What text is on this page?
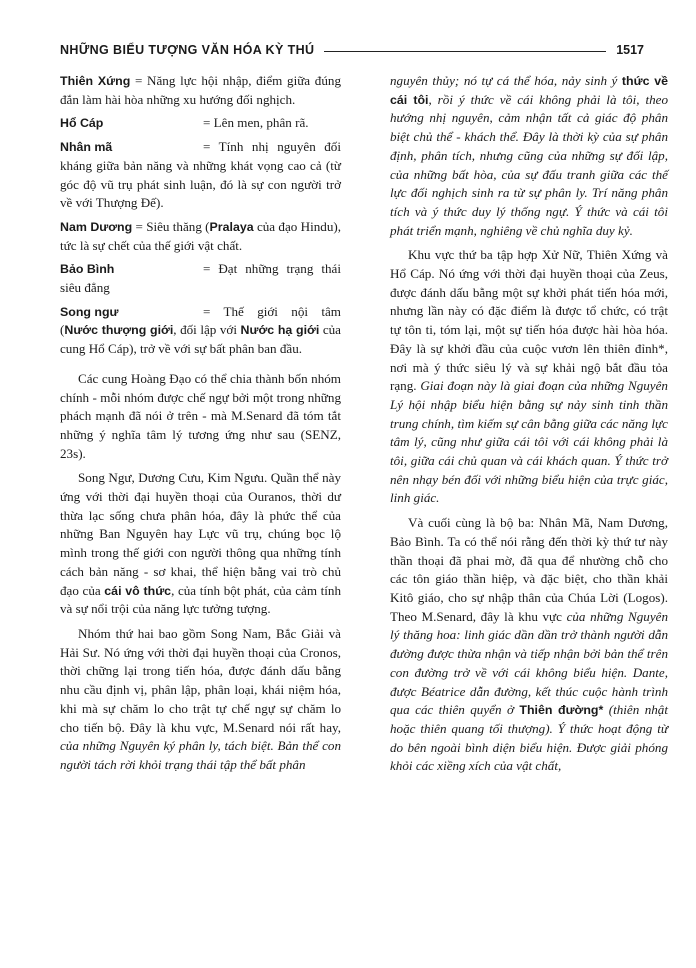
NHỮNG BIỂU TƯỢNG VĂN HÓA KỲ THÚ	1517

Thiên Xứng = Năng lực hội nhập, điểm giữa đúng đắn làm hài hòa những xu hướng đối nghịch.

Hổ Cáp	= Lên men, phân rã.

Nhân mã	= Tính nhị nguyên đối kháng giữa bản năng và những khát vọng cao cả (từ góc độ vũ trụ phát sinh luận, đó là sự con người trở về với Thượng Đế).

Nam Dương = Siêu thăng (Pralaya của đạo Hindu), tức là sự chết của thế giới vật chất.

Bảo Bình	= Đạt những trạng thái siêu đẳng

Song ngư	= Thế giới nội tâm (Nước thượng giới, đối lập với Nước hạ giới của cung Hổ Cáp), trở về với sự bất phân ban đầu.

Các cung Hoàng Đạo có thể chia thành bốn nhóm chính - mỗi nhóm được chế ngự bởi một trong những phách mạnh đã nói ở trên - mà M.Senard đã tóm tắt những ý nghĩa tâm lý tương ứng như sau (SENZ, 23s).

Song Ngư, Dương Cưu, Kim Ngưu. Quần thể này ứng với thời đại huyền thoại của Ouranos, thời dư thừa lạc sống chưa phân hóa, đây là phức thể của những Ban Nguyên hay Lực vũ trụ, chúng bọc lộ mình trong thế giới con người thông qua những tính cách bản năng - sơ khai, thể hiện bằng vai trò chủ đạo của cái vô thức, của tính bột phát, của cảm tính và sự nổi trội của năng lực tưởng tượng.

Nhóm thứ hai bao gồm Song Nam, Bắc Giải và Hải Sư. Nó ứng với thời đại huyền thoại của Cronos, thời chững lại trong tiến hóa, được đánh dấu bằng nhu cầu định vị, phân lập, phân loại, khái niệm hóa, khi mà sự chăm lo cho trật tự chế ngự sự chăm lo cho tiến bộ. Đây là khu vực, M.Senard nói rất hay, của những Nguyên ký phân ly, tách biệt. Bản thể con người tách rời khỏi trạng thái tập thể bất phân

nguyên thủy; nó tự cá thể hóa, nảy sinh ý thức về cái tôi, rồi ý thức về cái không phải là tôi, theo hướng nhị nguyên, cảm nhận tất cả giác độ phân biệt chủ thể - khách thể. Đây là thời kỳ của sự phân định, phân tích, nhưng cũng của những sự đối lập, của những bất hòa, của sự đấu tranh giữa các thế lực đối nghịch sinh ra từ sự phân ly. Trí năng phân tích và ý thức duy lý thống ngự. Ý thức và cái tôi phát triển mạnh, nghiêng về chủ nghĩa duy kỷ.

Khu vực thứ ba tập hợp Xử Nữ, Thiên Xứng và Hổ Cáp. Nó ứng với thời đại huyền thoại của Zeus, được đánh dấu bằng một sự khởi phát tiến hóa mới, nhưng lần này có đặc điểm là được tổ chức, có trật tự tôn ti, tóm lại, một sự tiến hóa được hài hòa hóa. Đây là sự khởi đầu của cuộc vươn lên thiên đỉnh*, nơi mà ý thức siêu lý và sự khải ngộ bắt đầu tỏa rạng. Giai đoạn này là giai đoạn của những Nguyên Lý hội nhập biểu hiện bằng sự nảy sinh tinh thần trung chính, tìm kiếm sự cân bằng giữa các năng lực tâm lý, cũng như giữa cái tôi với cái không phải là tôi, giữa cái chủ quan và cái khách quan. Ý thức trở nên nhạy bén đối với những biểu hiện của trực giác, linh giác.

Và cuối cùng là bộ ba: Nhân Mã, Nam Dương, Bảo Bình. Ta có thể nói rằng đến thời kỳ thứ tư này thần thoại đã phai mờ, đã qua để nhường chỗ cho các tôn giáo thần hiệp, và đặc biệt, cho thần khải Kitô giáo, cho sự nhập thân của Chúa Lời (Logos). Theo M.Senard, đây là khu vực của những Nguyên lý thăng hoa: linh giác dần dần trở thành người dẫn đường được thừa nhận và tiếp nhận bởi bản thể trên con đường trở về với cái không biểu hiện. Dante, được Béatrice dẫn đường, kết thúc cuộc hành trình qua các thiên quyển ở Thiên đường* (thiên nhật hoặc thiên quang tối thượng). Ý thức hoạt động từ do bên ngoài bình diện biểu hiện. Được giải phóng khỏi các xiềng xích của vật chất,
